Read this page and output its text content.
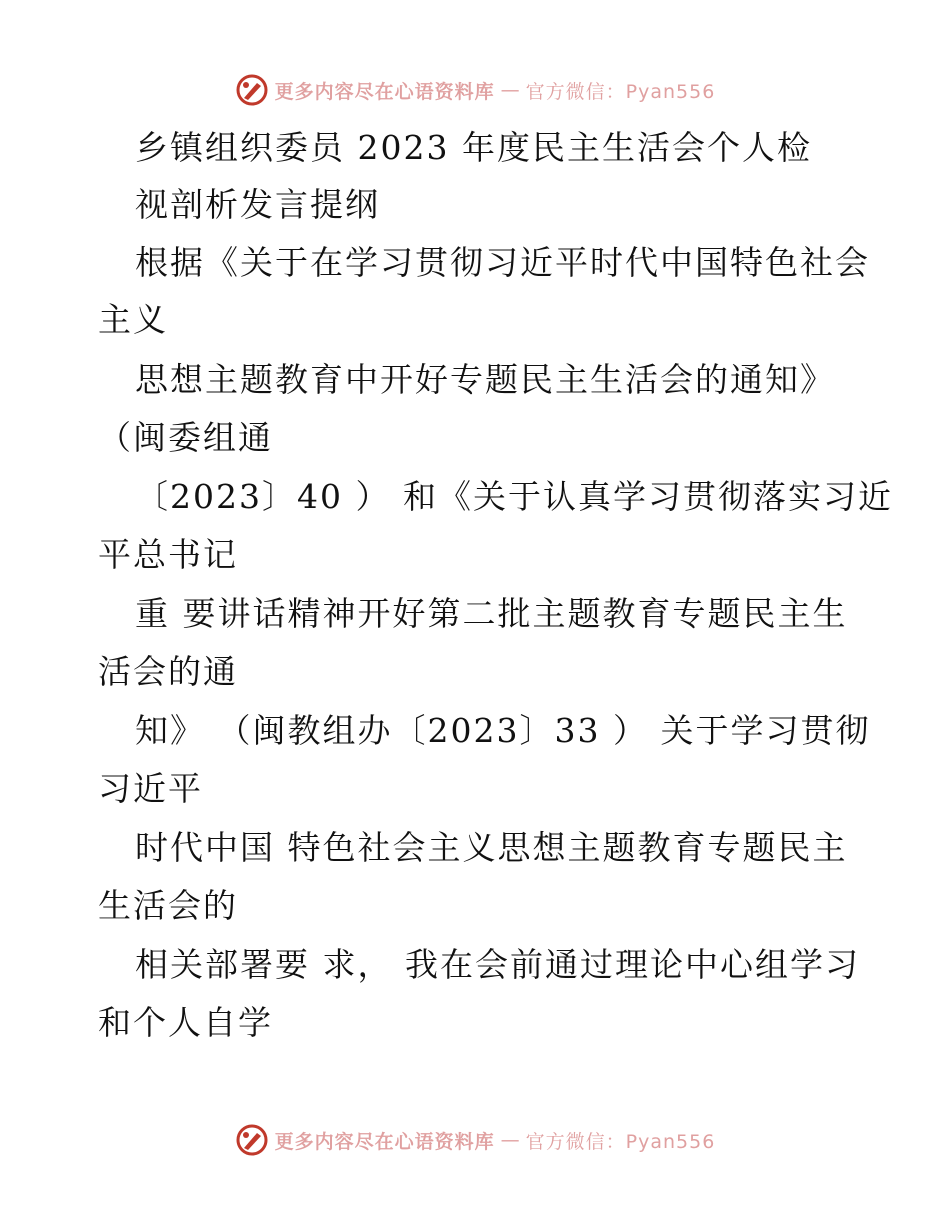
更多内容尽在心语资料库 — 官方微信：Pyan556
乡镇组织委员 2023 年度民主生活会个人检
视剖析发言提纲
根据《关于在学习贯彻习近平时代中国特色社会
主义
思想主题教育中开好专题民主生活会的通知》
（闽委组通
〔2023〕40 ） 和《关于认真学习贯彻落实习近
平总书记
重 要讲话精神开好第二批主题教育专题民主生
活会的通
知》 （闽教组办〔2023〕33 ） 关于学习贯彻
习近平
时代中国 特色社会主义思想主题教育专题民主
生活会的
相关部署要 求， 我在会前通过理论中心组学习
和个人自学
更多内容尽在心语资料库 — 官方微信：Pyan556
